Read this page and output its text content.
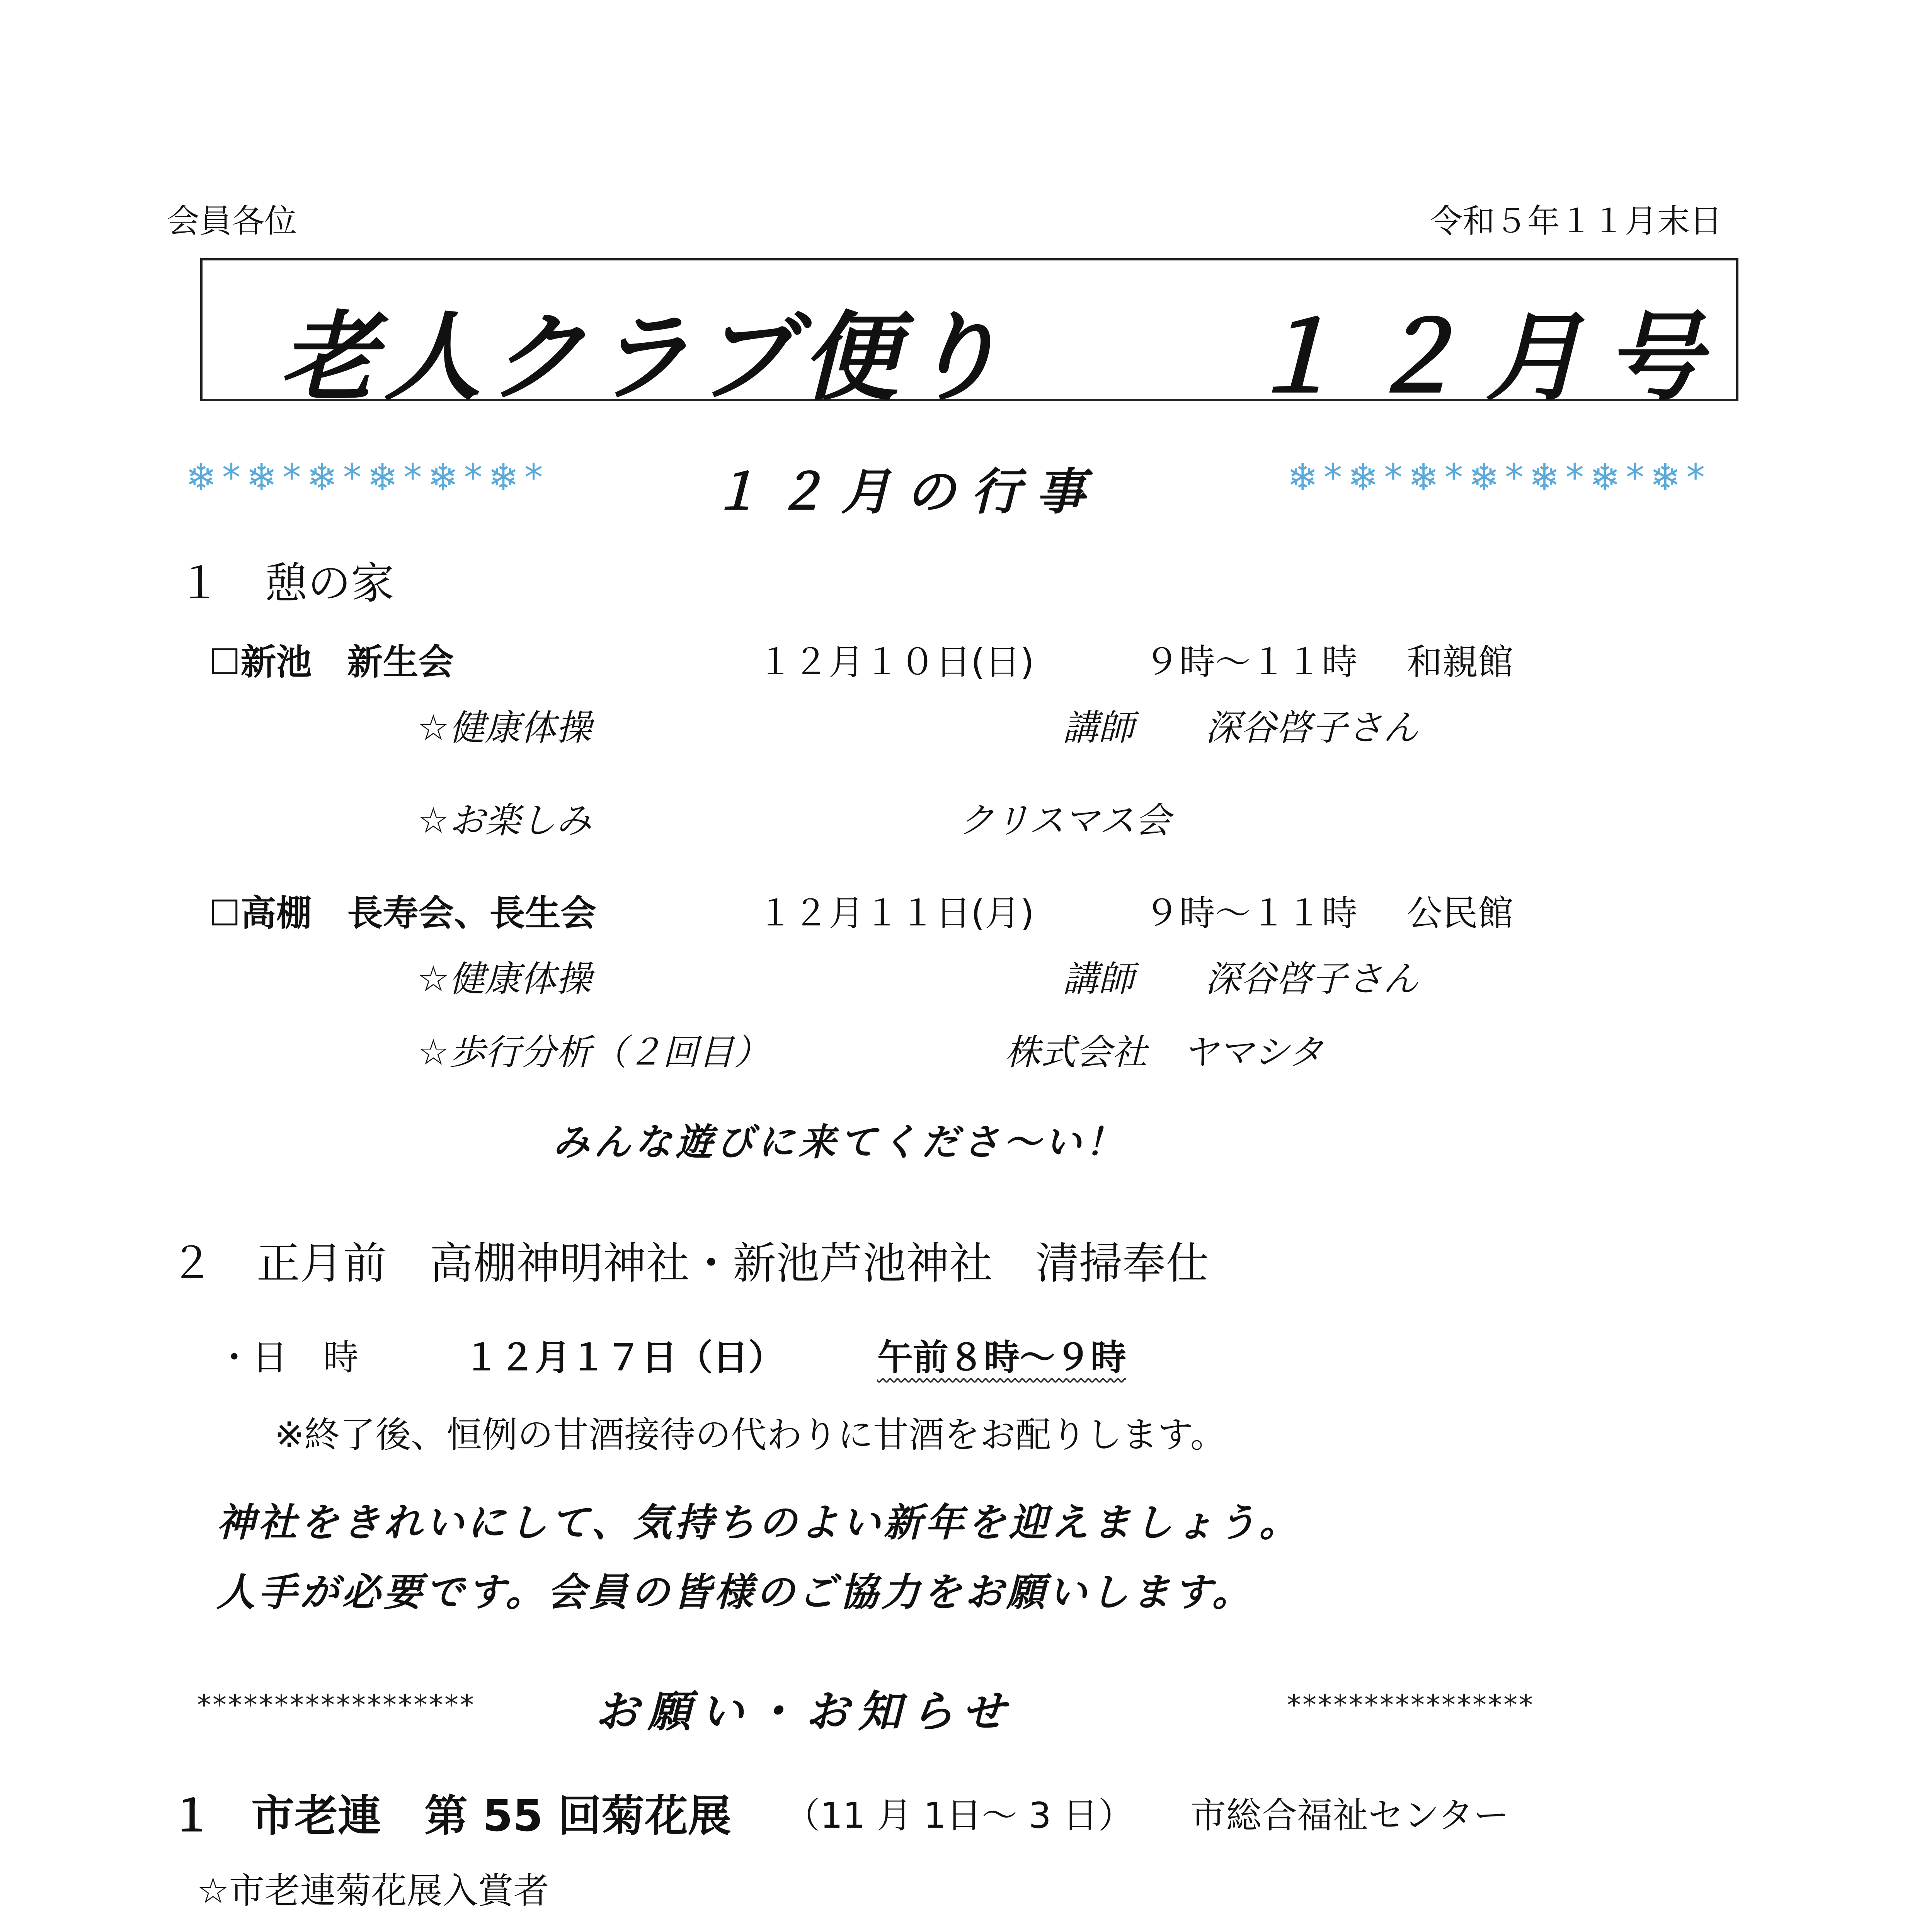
会員各位	令和５年１１月末日
老人クラブ便り １２月号
❄*❄*❄*❄*❄*❄*	１２月の行事	❄*❄*❄*❄*❄*❄*❄*
１　憩の家
☐新池　新生会	１２月１０日(日)	９時～１１時 和親館
☆健康体操	講師　　深谷啓子さん
☆お楽しみ	クリスマス会
☐高棚　長寿会、長生会	１２月１１日(月)	９時～１１時 公民館
☆健康体操	講師　　深谷啓子さん
☆歩行分析（２回目）	株式会社　ヤマシタ
みんな遊びに来てくださ～い！
２　正月前　高棚神明神社・新池芦池神社　清掃奉仕
・日　時	１２月１７日（日）	午前８時～９時
※終了後、恒例の甘酒接待の代わりに甘酒をお配りします。
神社をきれいにして、気持ちのよい新年を迎えましょう。
人手が必要です。会員の皆様のご協力をお願いします。
******************	お願い・お知らせ	****************
１ 市老連　第 55 回菊花展 （11 月 1日～ 3 日） 市総合福祉センター
☆市老連菊花展入賞者
